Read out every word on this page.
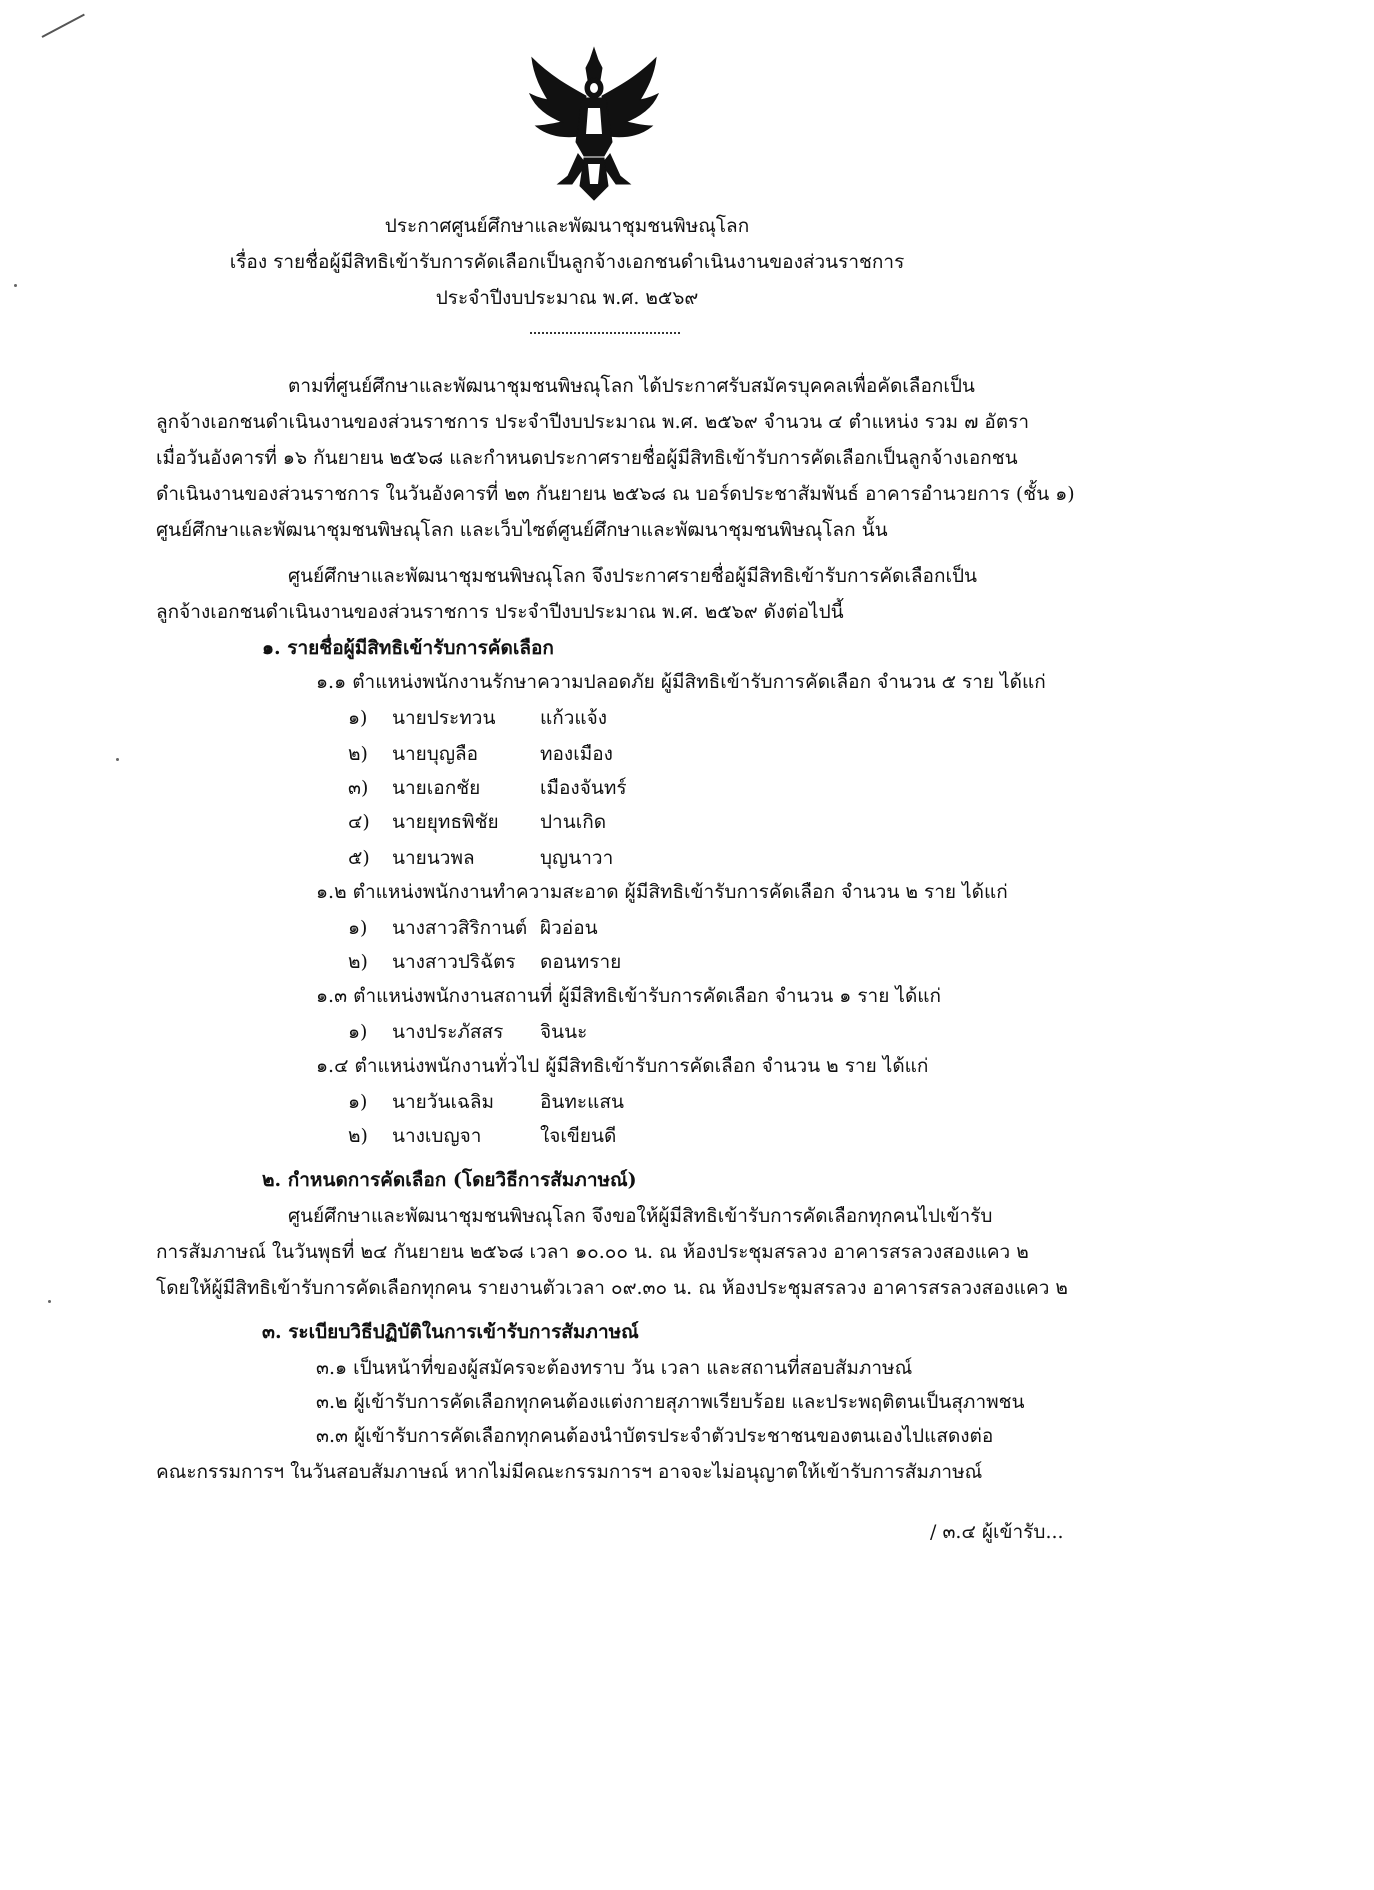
ประกาศศูนย์ศึกษาและพัฒนาชุมชนพิษณุโลก
เรื่อง รายชื่อผู้มีสิทธิเข้ารับการคัดเลือกเป็นลูกจ้างเอกชนดำเนินงานของส่วนราชการ
ประจำปีงบประมาณ พ.ศ. ๒๕๖๙
ตามที่ศูนย์ศึกษาและพัฒนาชุมชนพิษณุโลก ได้ประกาศรับสมัครบุคคลเพื่อคัดเลือกเป็น
ลูกจ้างเอกชนดำเนินงานของส่วนราชการ ประจำปีงบประมาณ พ.ศ. ๒๕๖๙ จำนวน ๔ ตำแหน่ง รวม ๗ อัตรา
เมื่อวันอังคารที่ ๑๖ กันยายน ๒๕๖๘ และกำหนดประกาศรายชื่อผู้มีสิทธิเข้ารับการคัดเลือกเป็นลูกจ้างเอกชน
ดำเนินงานของส่วนราชการ ในวันอังคารที่ ๒๓ กันยายน ๒๕๖๘ ณ บอร์ดประชาสัมพันธ์ อาคารอำนวยการ (ชั้น ๑)
ศูนย์ศึกษาและพัฒนาชุมชนพิษณุโลก และเว็บไซต์ศูนย์ศึกษาและพัฒนาชุมชนพิษณุโลก นั้น
ศูนย์ศึกษาและพัฒนาชุมชนพิษณุโลก จึงประกาศรายชื่อผู้มีสิทธิเข้ารับการคัดเลือกเป็น
ลูกจ้างเอกชนดำเนินงานของส่วนราชการ ประจำปีงบประมาณ พ.ศ. ๒๕๖๙ ดังต่อไปนี้
๑. รายชื่อผู้มีสิทธิเข้ารับการคัดเลือก
๑.๑ ตำแหน่งพนักงานรักษาความปลอดภัย ผู้มีสิทธิเข้ารับการคัดเลือก จำนวน ๕ ราย ได้แก่
๑) นายประทวน แก้วแจ้ง
๒) นายบุญลือ	ทองเมือง
๓) นายเอกชัย	เมืองจันทร์
๔) นายยุทธพิชัย ปานเกิด
๕) นายนวพล	บุญนาวา
๑.๒ ตำแหน่งพนักงานทำความสะอาด ผู้มีสิทธิเข้ารับการคัดเลือก จำนวน ๒ ราย ได้แก่
๑) นางสาวสิริกานต์ ผิวอ่อน
๒) นางสาวปริฉัตร ดอนทราย
๑.๓ ตำแหน่งพนักงานสถานที่ ผู้มีสิทธิเข้ารับการคัดเลือก จำนวน ๑ ราย ได้แก่
๑) นางประภัสสร จินนะ
๑.๔ ตำแหน่งพนักงานทั่วไป ผู้มีสิทธิเข้ารับการคัดเลือก จำนวน ๒ ราย ได้แก่
๑) นายวันเฉลิม อินทะแสน
๒) นางเบญจา	ใจเขียนดี
๒. กำหนดการคัดเลือก (โดยวิธีการสัมภาษณ์)
ศูนย์ศึกษาและพัฒนาชุมชนพิษณุโลก จึงขอให้ผู้มีสิทธิเข้ารับการคัดเลือกทุกคนไปเข้ารับ
การสัมภาษณ์ ในวันพุธที่ ๒๔ กันยายน ๒๕๖๘ เวลา ๑๐.๐๐ น. ณ ห้องประชุมสรลวง อาคารสรลวงสองแคว ๒
โดยให้ผู้มีสิทธิเข้ารับการคัดเลือกทุกคน รายงานตัวเวลา ๐๙.๓๐ น. ณ ห้องประชุมสรลวง อาคารสรลวงสองแคว ๒
๓. ระเบียบวิธีปฏิบัติในการเข้ารับการสัมภาษณ์
๓.๑ เป็นหน้าที่ของผู้สมัครจะต้องทราบ วัน เวลา และสถานที่สอบสัมภาษณ์
๓.๒ ผู้เข้ารับการคัดเลือกทุกคนต้องแต่งกายสุภาพเรียบร้อย และประพฤติตนเป็นสุภาพชน
๓.๓ ผู้เข้ารับการคัดเลือกทุกคนต้องนำบัตรประจำตัวประชาชนของตนเองไปแสดงต่อ
คณะกรรมการฯ ในวันสอบสัมภาษณ์ หากไม่มีคณะกรรมการฯ อาจจะไม่อนุญาตให้เข้ารับการสัมภาษณ์
/ ๓.๔ ผู้เข้ารับ...
